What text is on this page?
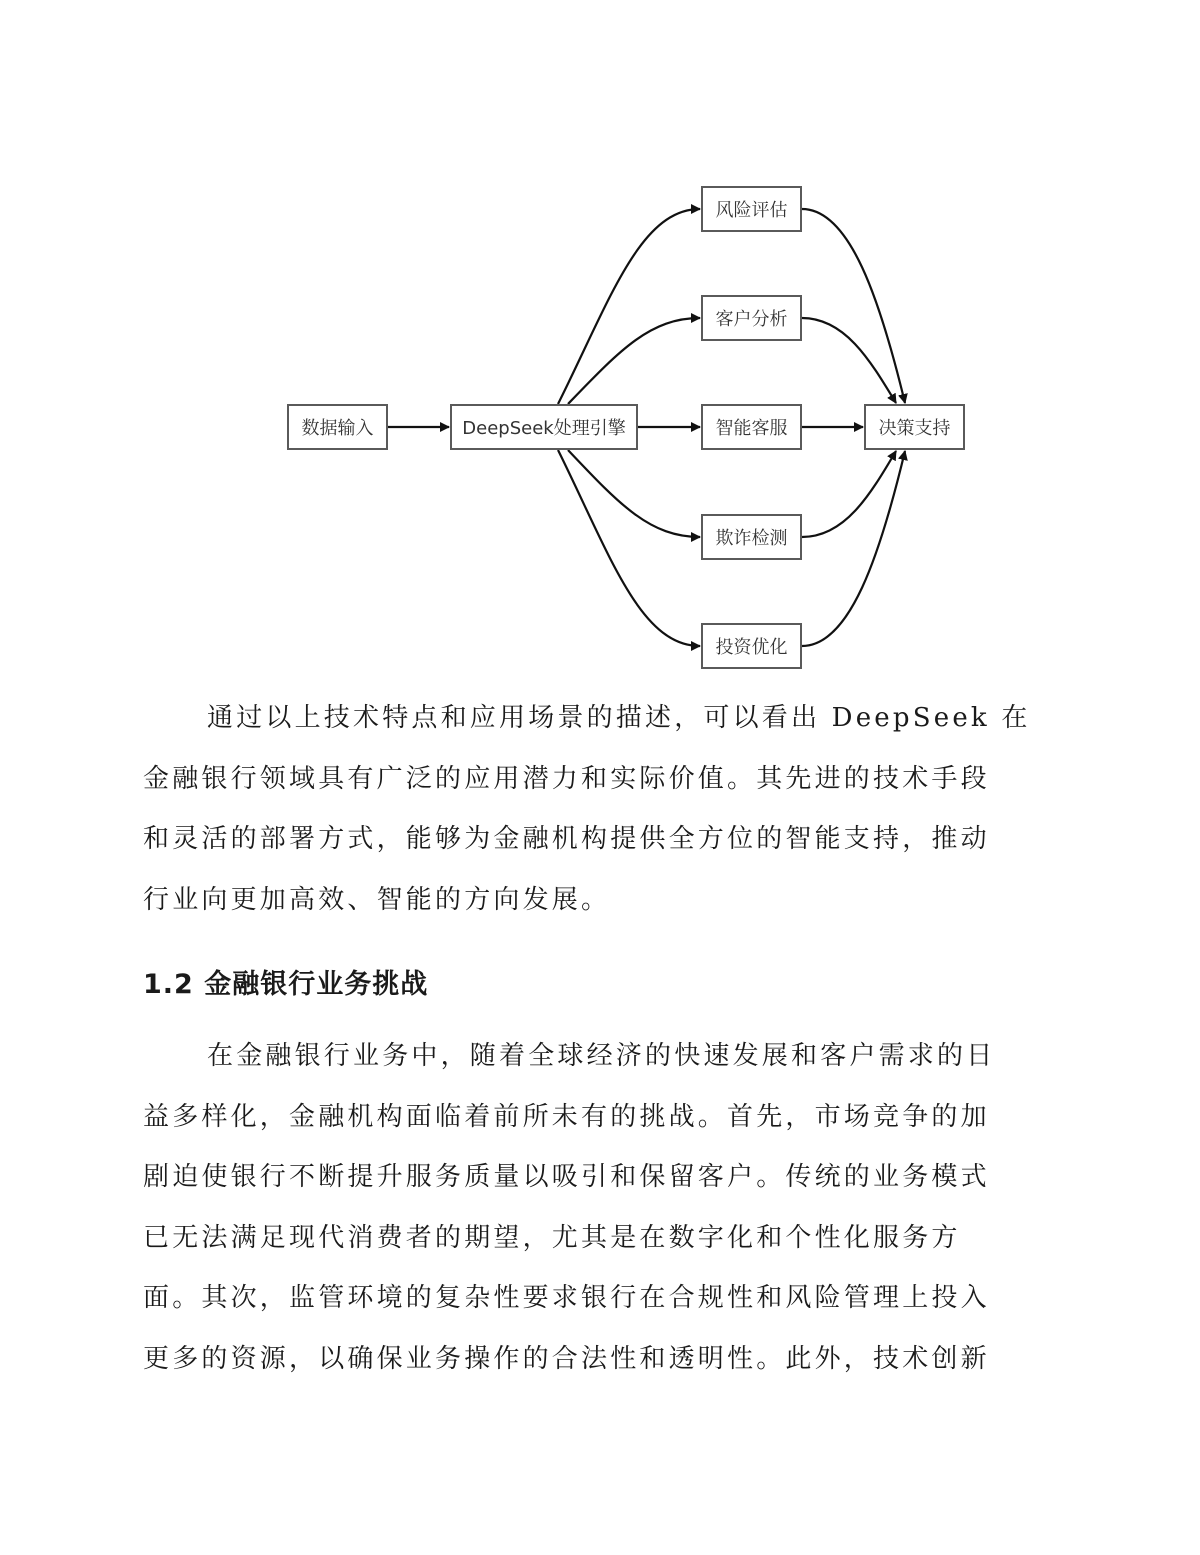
数据输入	DeepSeek处理引擎
风险评估
客户分析
智能客服
欺诈检测
投资优化
决策支持

通过以上技术特点和应用场景的描述，可以看出 DeepSeek 在
金融银行领域具有广泛的应用潜力和实际价值。其先进的技术手段
和灵活的部署方式，能够为金融机构提供全方位的智能支持，推动
行业向更加高效、智能的方向发展。

1.2 金融银行业务挑战

在金融银行业务中，随着全球经济的快速发展和客户需求的日
益多样化，金融机构面临着前所未有的挑战。首先，市场竞争的加
剧迫使银行不断提升服务质量以吸引和保留客户。传统的业务模式
已无法满足现代消费者的期望，尤其是在数字化和个性化服务方
面。其次，监管环境的复杂性要求银行在合规性和风险管理上投入
更多的资源，以确保业务操作的合法性和透明性。此外，技术创新
